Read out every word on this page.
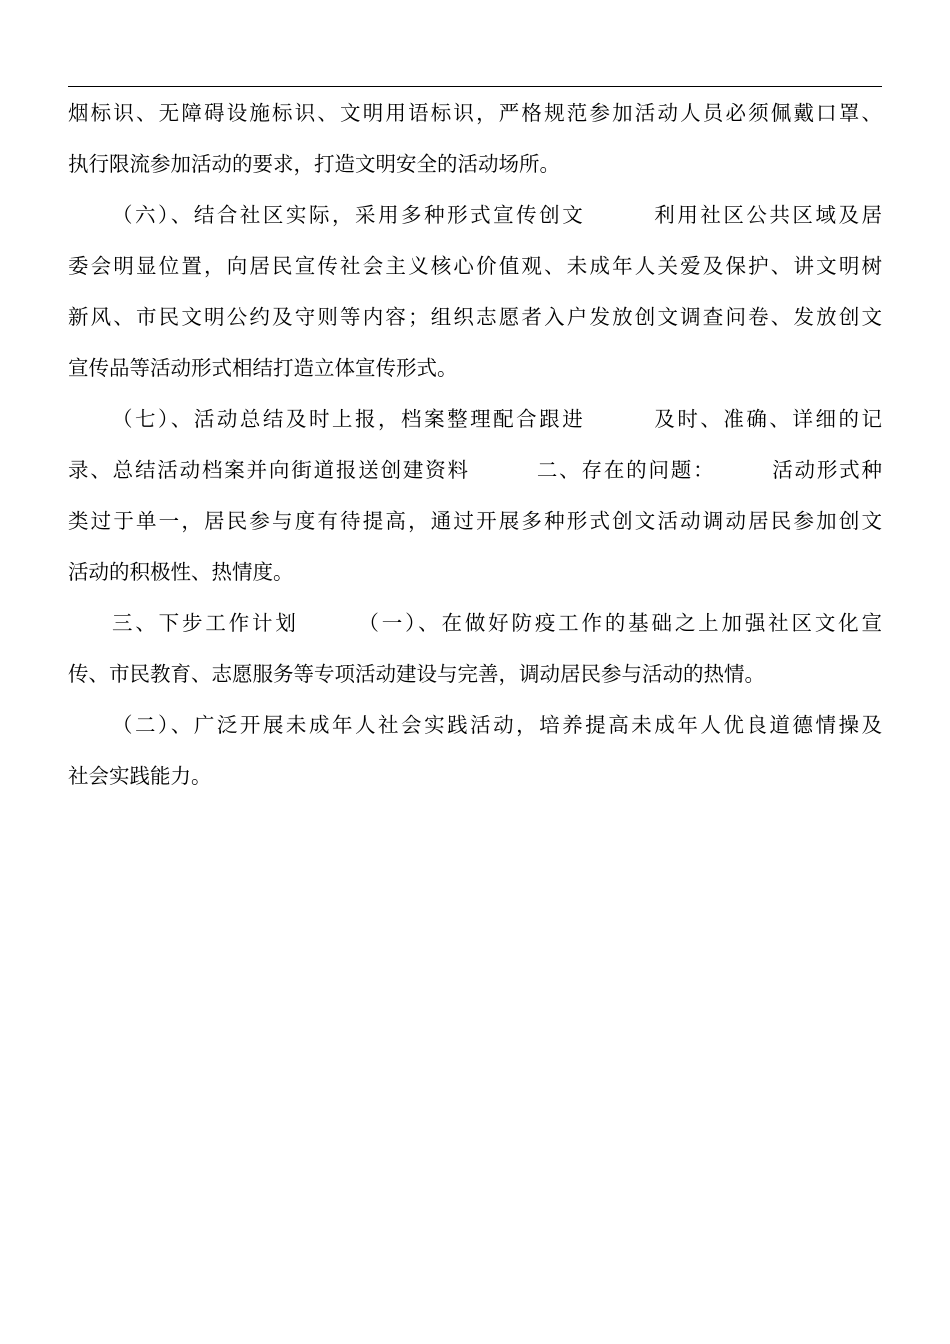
烟标识、无障碍设施标识、文明用语标识，严格规范参加活动人员必须佩戴口罩、
执行限流参加活动的要求，打造文明安全的活动场所。
（六）、结合社区实际，采用多种形式宣传创文　　　利用社区公共区域及居
委会明显位置，向居民宣传社会主义核心价值观、未成年人关爱及保护、讲文明树
新风、市民文明公约及守则等内容；组织志愿者入户发放创文调查问卷、发放创文
宣传品等活动形式相结打造立体宣传形式。
（七）、活动总结及时上报，档案整理配合跟进　　　及时、准确、详细的记
录、总结活动档案并向街道报送创建资料　　　二、存在的问题：　　　活动形式种
类过于单一，居民参与度有待提高，通过开展多种形式创文活动调动居民参加创文
活动的积极性、热情度。
三、下步工作计划　　　（一）、在做好防疫工作的基础之上加强社区文化宣
传、市民教育、志愿服务等专项活动建设与完善，调动居民参与活动的热情。
（二）、广泛开展未成年人社会实践活动，培养提高未成年人优良道德情操及
社会实践能力。
